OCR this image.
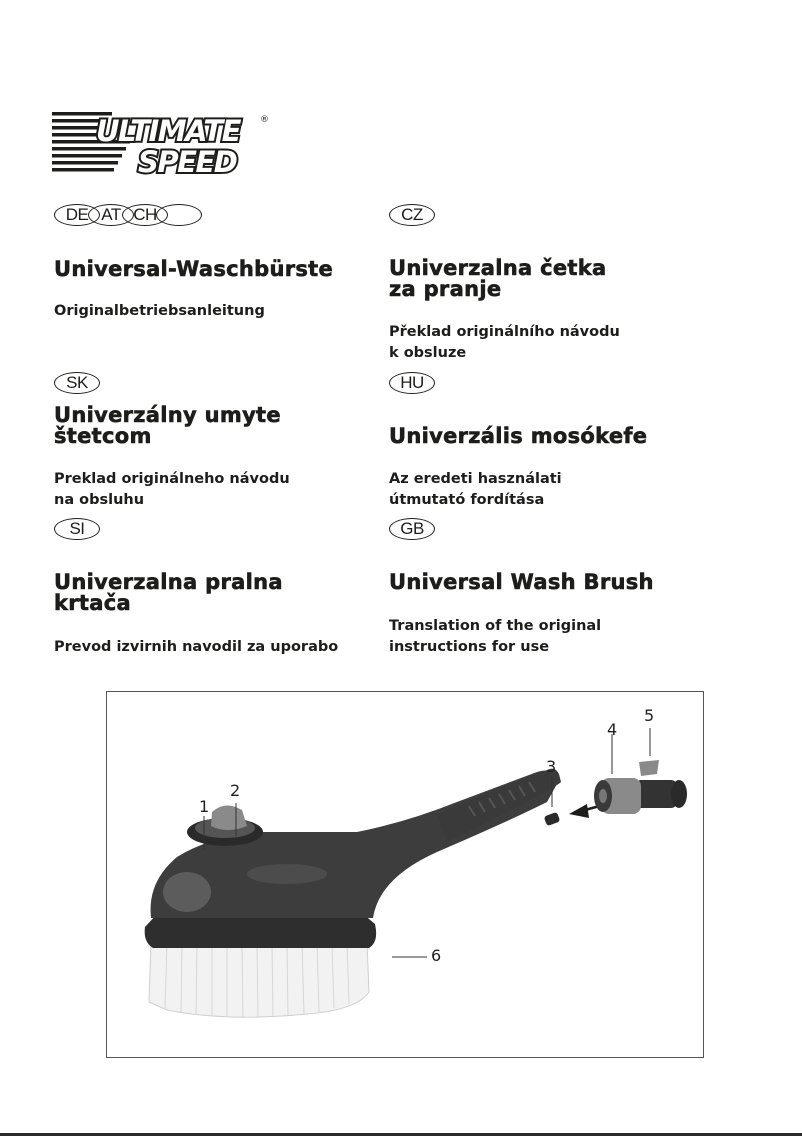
ULTIMATE
SPEED
®
DE AT CH
Universal-Waschbürste
Originalbetriebsanleitung
CZ
Univerzalna četka
za pranje
Překlad originálního návodu
k obsluze
SK
Univerzálny umyte
štetcom
Preklad originálneho návodu
na obsluhu
HU
Univerzális mosókefe
Az eredeti használati
útmutató fordítása
SI
Univerzalna pralna
krtača
Prevod izvirnih navodil za uporabo
GB
Universal Wash Brush
Translation of the original
instructions for use
1
2
3
4
5
6
